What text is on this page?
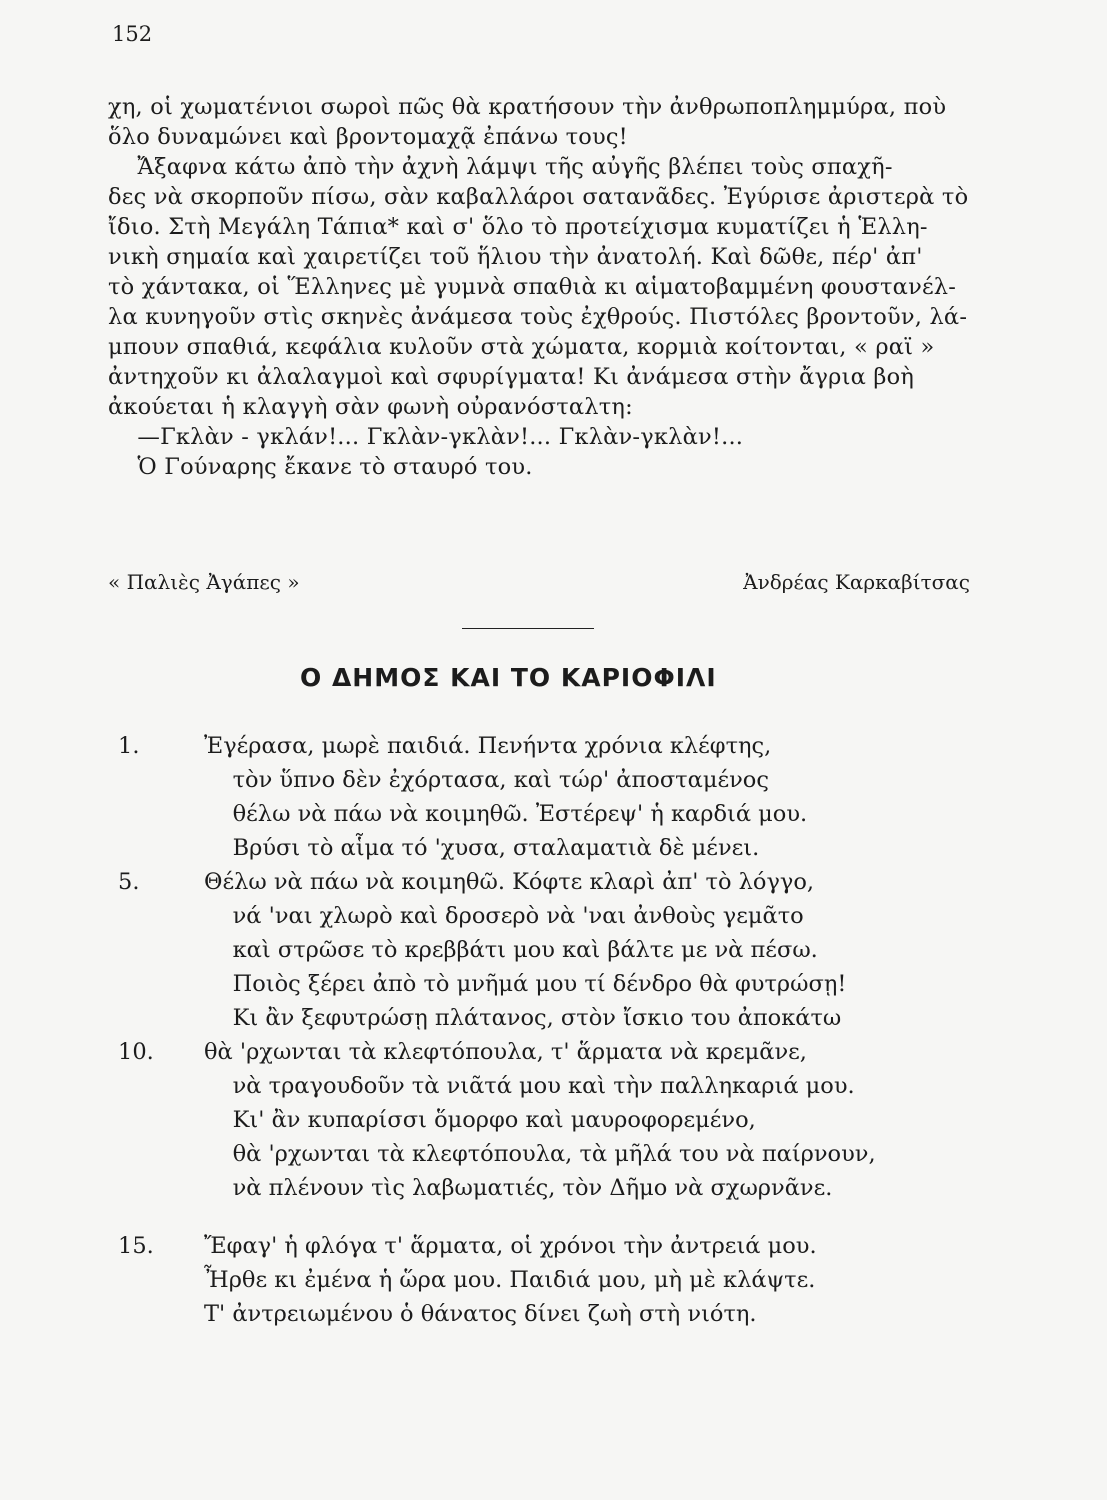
152
χη, οἱ χωματένιοι σωροὶ πῶς θὰ κρατήσουν τὴν ἀνθρωποπλημμύρα, ποὺ
ὅλο δυναμώνει καὶ βροντομαχᾷ ἐπάνω τους!
Ἄξαφνα κάτω ἀπὸ τὴν ἀχνὴ λάμψι τῆς αὐγῆς βλέπει τοὺς σπαχῆ-
δες νὰ σκορποῦν πίσω, σὰν καβαλλάροι σατανᾶδες. Ἐγύρισε ἀριστερὰ τὸ
ἴδιο. Στὴ Μεγάλη Τάπια* καὶ σ' ὅλο τὸ προτείχισμα κυματίζει ἡ Ἑλλη-
νικὴ σημαία καὶ χαιρετίζει τοῦ ἥλιου τὴν ἀνατολή. Καὶ δῶθε, πέρ' ἀπ'
τὸ χάντακα, οἱ Ἕλληνες μὲ γυμνὰ σπαθιὰ κι αἱματοβαμμένη φουστανέλ-
λα κυνηγοῦν στὶς σκηνὲς ἀνάμεσα τοὺς ἐχθρούς. Πιστόλες βροντοῦν, λά-
μπουν σπαθιά, κεφάλια κυλοῦν στὰ χώματα, κορμιὰ κοίτονται, « ραϊ »
ἀντηχοῦν κι ἀλαλαγμοὶ καὶ σφυρίγματα! Κι ἀνάμεσα στὴν ἄγρια βοὴ
ἀκούεται ἡ κλαγγὴ σὰν φωνὴ οὐρανόσταλτη:
—Γκλὰν - γκλάν!... Γκλὰν-γκλὰν!... Γκλὰν-γκλὰν!...
Ὁ Γούναρης ἔκανε τὸ σταυρό του.
« Παλιὲς Ἀγάπες »	Ἀνδρέας Καρκαβίτσας
Ο ΔΗΜΟΣ ΚΑΙ ΤΟ ΚΑΡΙΟΦΙΛΙ
1.	Ἐγέρασα, μωρὲ παιδιά. Πενήντα χρόνια κλέφτης,
τὸν ὕπνο δὲν ἐχόρτασα, καὶ τώρ' ἀποσταμένος
θέλω νὰ πάω νὰ κοιμηθῶ. Ἐστέρεψ' ἡ καρδιά μου.
Βρύσι τὸ αἷμα τό 'χυσα, σταλαματιὰ δὲ μένει.
5.	Θέλω νὰ πάω νὰ κοιμηθῶ. Κόφτε κλαρὶ ἀπ' τὸ λόγγο,
νά 'ναι χλωρὸ καὶ δροσερὸ νὰ 'ναι ἀνθοὺς γεμᾶτο
καὶ στρῶσε τὸ κρεββάτι μου καὶ βάλτε με νὰ πέσω.
Ποιὸς ξέρει ἀπὸ τὸ μνῆμά μου τί δένδρο θὰ φυτρώσῃ!
Κι ἂν ξεφυτρώσῃ πλάτανος, στὸν ἴσκιο του ἀποκάτω
10.	θὰ 'ρχωνται τὰ κλεφτόπουλα, τ' ἅρματα νὰ κρεμᾶνε,
νὰ τραγουδοῦν τὰ νιᾶτά μου καὶ τὴν παλληκαριά μου.
Κι' ἂν κυπαρίσσι ὅμορφο καὶ μαυροφορεμένο,
θὰ 'ρχωνται τὰ κλεφτόπουλα, τὰ μῆλά του νὰ παίρνουν,
νὰ πλένουν τὶς λαβωματιές, τὸν Δῆμο νὰ σχωρνᾶνε.
15.	Ἔφαγ' ἡ φλόγα τ' ἅρματα, οἱ χρόνοι τὴν ἀντρειά μου.
Ἦρθε κι ἐμένα ἡ ὥρα μου. Παιδιά μου, μὴ μὲ κλάψτε.
Τ' ἀντρειωμένου ὁ θάνατος δίνει ζωὴ στὴ νιότη.
